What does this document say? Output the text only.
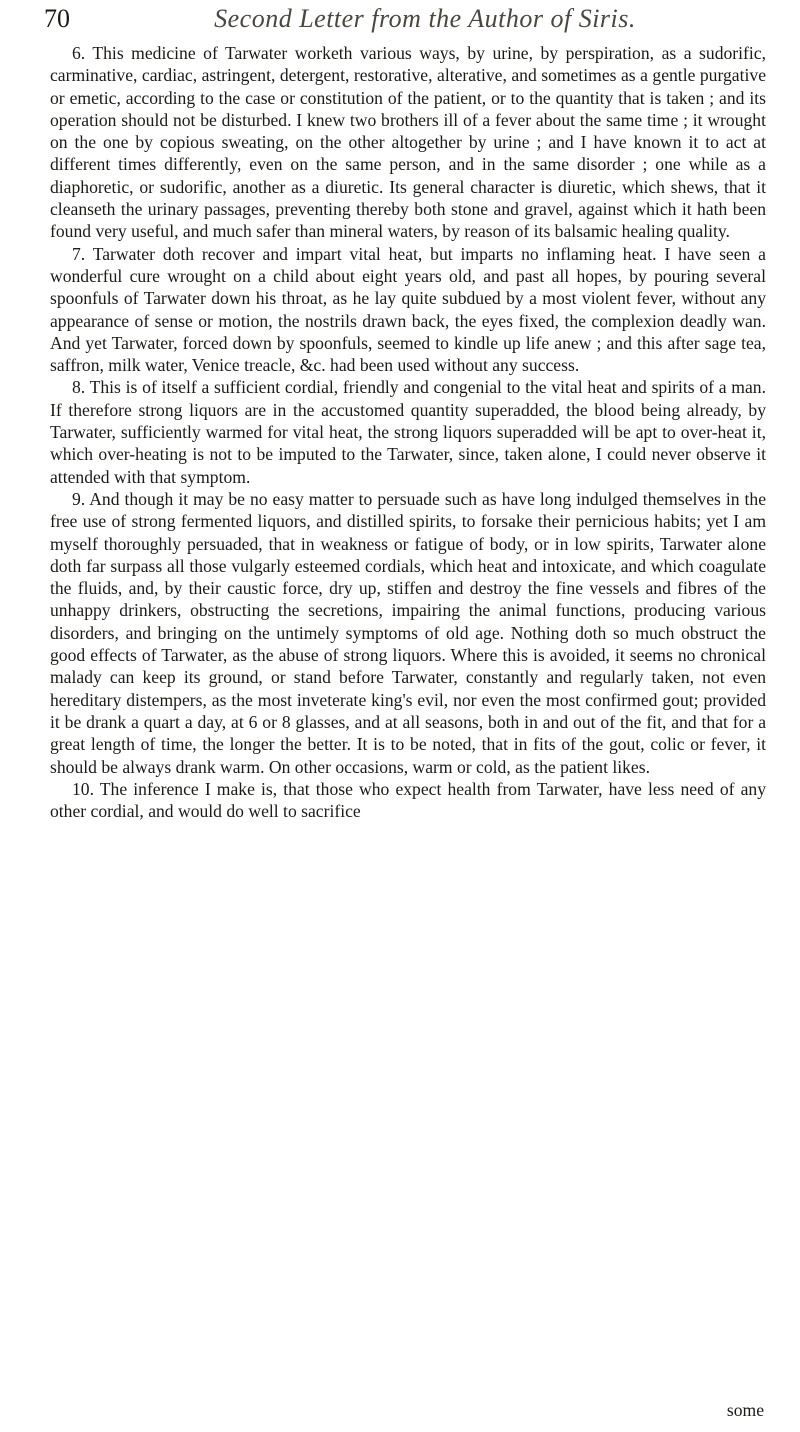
70	Second Letter from the Author of Siris.

6. This medicine of Tarwater worketh various ways, by urine, by perspiration, as a sudorific, carminative, cardiac, astringent, detergent, restorative, alterative, and sometimes as a gentle purgative or emetic, according to the case or constitution of the patient, or to the quantity that is taken ; and its operation should not be disturbed. I knew two brothers ill of a fever about the same time ; it wrought on the one by copious sweating, on the other altogether by urine ; and I have known it to act at different times differently, even on the same person, and in the same disorder ; one while as a diaphoretic, or sudorific, another as a diuretic. Its general character is diuretic, which shews, that it cleanseth the urinary passages, preventing thereby both stone and gravel, against which it hath been found very useful, and much safer than mineral waters, by reason of its balsamic healing quality.

7. Tarwater doth recover and impart vital heat, but imparts no inflaming heat. I have seen a wonderful cure wrought on a child about eight years old, and past all hopes, by pouring several spoonfuls of Tarwater down his throat, as he lay quite subdued by a most violent fever, without any appearance of sense or motion, the nostrils drawn back, the eyes fixed, the complexion deadly wan. And yet Tarwater, forced down by spoonfuls, seemed to kindle up life anew ; and this after sage tea, saffron, milk water, Venice treacle, &c. had been used without any success.

8. This is of itself a sufficient cordial, friendly and congenial to the vital heat and spirits of a man. If therefore strong liquors are in the accustomed quantity superadded, the blood being already, by Tarwater, sufficiently warmed for vital heat, the strong liquors superadded will be apt to over-heat it, which over-heating is not to be imputed to the Tarwater, since, taken alone, I could never observe it attended with that symptom.

9. And though it may be no easy matter to persuade such as have long indulged themselves in the free use of strong fermented liquors, and distilled spirits, to forsake their pernicious habits; yet I am myself thoroughly persuaded, that in weakness or fatigue of body, or in low spirits, Tarwater alone doth far surpass all those vulgarly esteemed cordials, which heat and intoxicate, and which coagulate the fluids, and, by their caustic force, dry up, stiffen and destroy the fine vessels and fibres of the unhappy drinkers, obstructing the secretions, impairing the animal functions, producing various disorders, and bringing on the untimely symptoms of old age. Nothing doth so much obstruct the good effects of Tarwater, as the abuse of strong liquors. Where this is avoided, it seems no chronical malady can keep its ground, or stand before Tarwater, constantly and regularly taken, not even hereditary distempers, as the most inveterate king's evil, nor even the most confirmed gout; provided it be drank a quart a day, at 6 or 8 glasses, and at all seasons, both in and out of the fit, and that for a great length of time, the longer the better. It is to be noted, that in fits of the gout, colic or fever, it should be always drank warm. On other occasions, warm or cold, as the patient likes.

10. The inference I make is, that those who expect health from Tarwater, have less need of any other cordial, and would do well to sacrifice

some
